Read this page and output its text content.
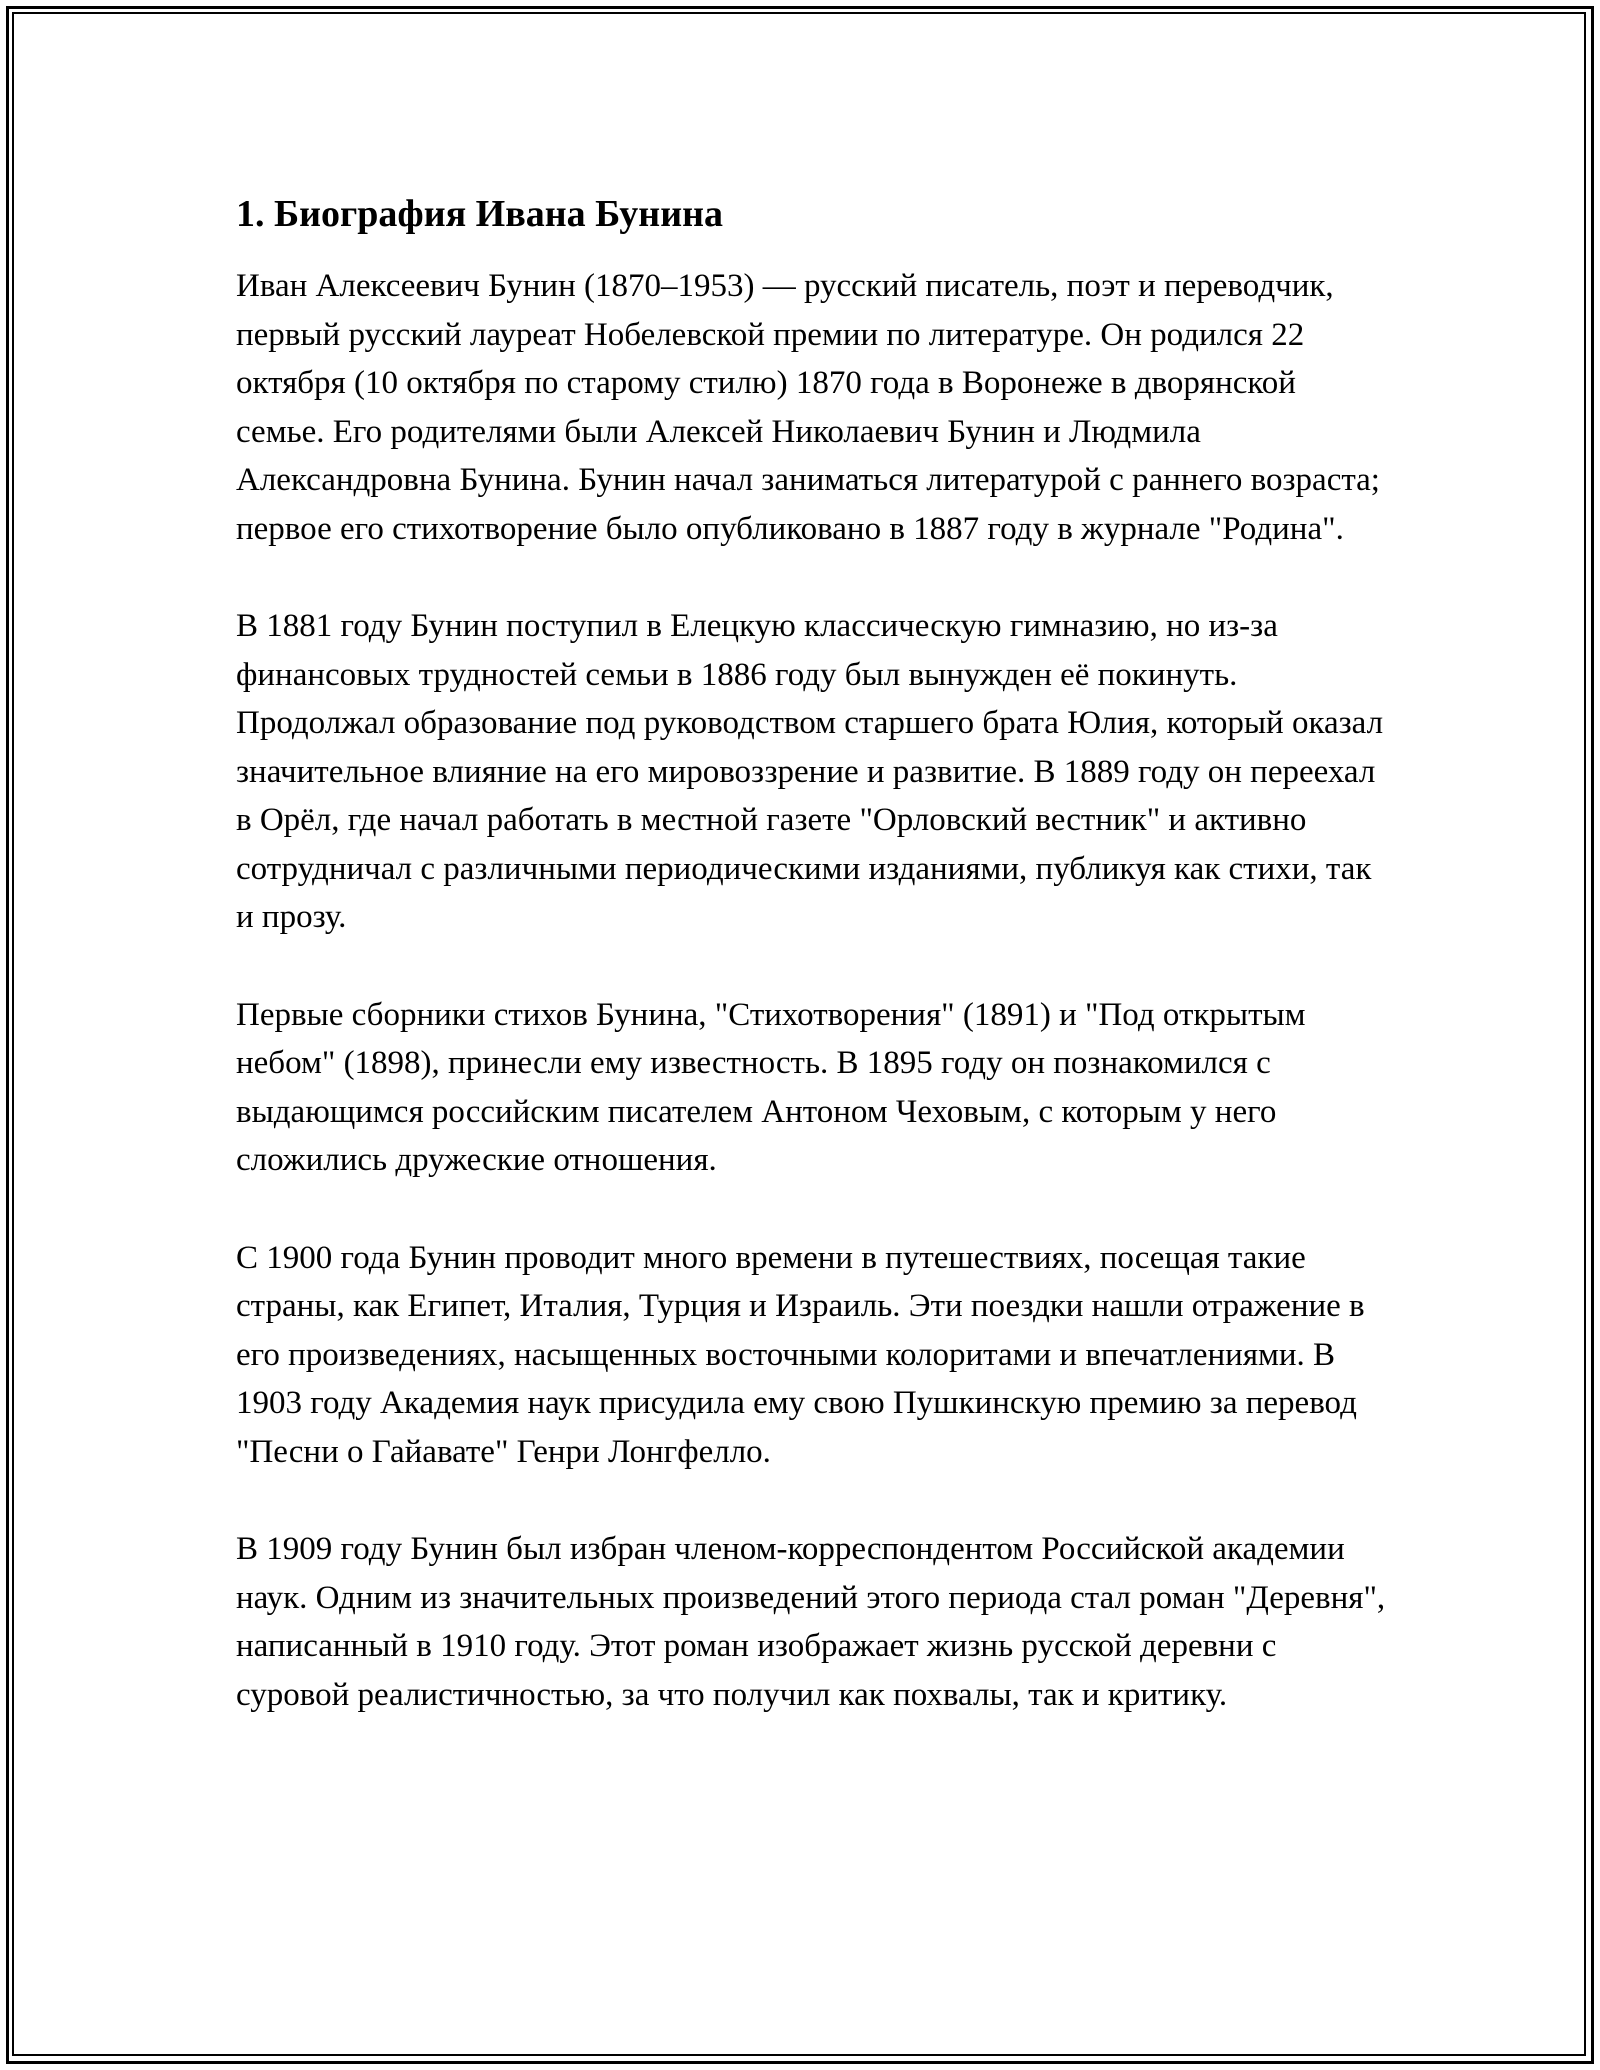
1. Биография Ивана Бунина

Иван Алексеевич Бунин (1870–1953) — русский писатель, поэт и переводчик, первый русский лауреат Нобелевской премии по литературе. Он родился 22 октября (10 октября по старому стилю) 1870 года в Воронеже в дворянской семье. Его родителями были Алексей Николаевич Бунин и Людмила Александровна Бунина. Бунин начал заниматься литературой с раннего возраста; первое его стихотворение было опубликовано в 1887 году в журнале "Родина".

В 1881 году Бунин поступил в Елецкую классическую гимназию, но из-за финансовых трудностей семьи в 1886 году был вынужден её покинуть. Продолжал образование под руководством старшего брата Юлия, который оказал значительное влияние на его мировоззрение и развитие. В 1889 году он переехал в Орёл, где начал работать в местной газете "Орловский вестник" и активно сотрудничал с различными периодическими изданиями, публикуя как стихи, так и прозу.

Первые сборники стихов Бунина, "Стихотворения" (1891) и "Под открытым небом" (1898), принесли ему известность. В 1895 году он познакомился с выдающимся российским писателем Антоном Чеховым, с которым у него сложились дружеские отношения.

С 1900 года Бунин проводит много времени в путешествиях, посещая такие страны, как Египет, Италия, Турция и Израиль. Эти поездки нашли отражение в его произведениях, насыщенных восточными колоритами и впечатлениями. В 1903 году Академия наук присудила ему свою Пушкинскую премию за перевод "Песни о Гайавате" Генри Лонгфелло.

В 1909 году Бунин был избран членом-корреспондентом Российской академии наук. Одним из значительных произведений этого периода стал роман "Деревня", написанный в 1910 году. Этот роман изображает жизнь русской деревни с суровой реалистичностью, за что получил как похвалы, так и критику.
